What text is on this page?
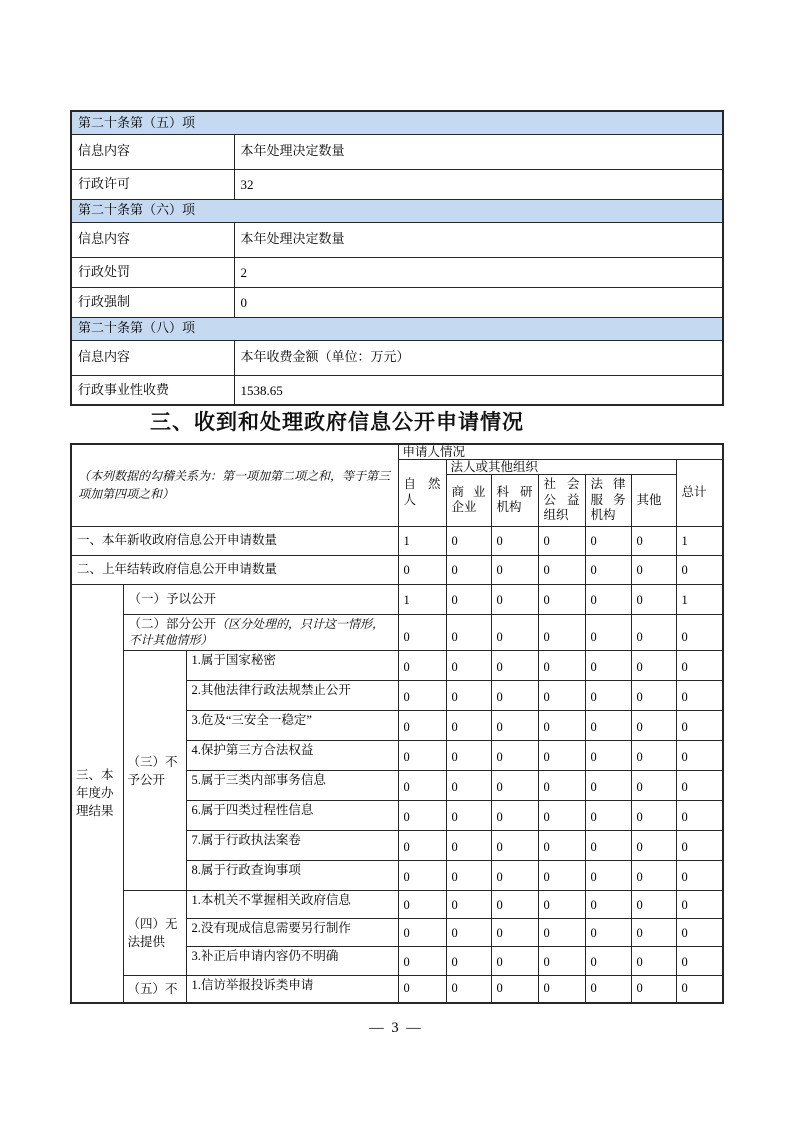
第二十条第（五）项	
信息内容	本年处理决定数量
行政许可	32
第二十条第（六）项	
信息内容	本年处理决定数量
行政处罚	2
行政强制	0
第二十条第（八）项	
信息内容	本年收费金额（单位：万元）
行政事业性收费	1538.65
三、收到和处理政府信息公开申请情况
（本列数据的勾稽关系为：第一项加第二项之和，等于第三项加第四项之和）			申请人情况						
			自然人	法人或其他组织					总计
				商业企业	科研机构	社会公益组织	法律服务机构	其他	
一、本年新收政府信息公开申请数量			1	0	0	0	0	0	1
二、上年结转政府信息公开申请数量			0	0	0	0	0	0	0
三、本年度办理结果	（一）予以公开		1	0	0	0	0	0	1
	（二）部分公开（区分处理的，只计这一情形，不计其他情形）		0	0	0	0	0	0	0
	（三）不予公开	1.属于国家秘密	0	0	0	0	0	0	0
		2.其他法律行政法规禁止公开	0	0	0	0	0	0	0
		3.危及“三安全一稳定”	0	0	0	0	0	0	0
		4.保护第三方合法权益	0	0	0	0	0	0	0
		5.属于三类内部事务信息	0	0	0	0	0	0	0
		6.属于四类过程性信息	0	0	0	0	0	0	0
		7.属于行政执法案卷	0	0	0	0	0	0	0
		8.属于行政查询事项	0	0	0	0	0	0	0
	（四）无法提供	1.本机关不掌握相关政府信息	0	0	0	0	0	0	0
		2.没有现成信息需要另行制作	0	0	0	0	0	0	0
		3.补正后申请内容仍不明确	0	0	0	0	0	0	0
	（五）不	1.信访举报投诉类申请	0	0	0	0	0	0	0
— 3 —
